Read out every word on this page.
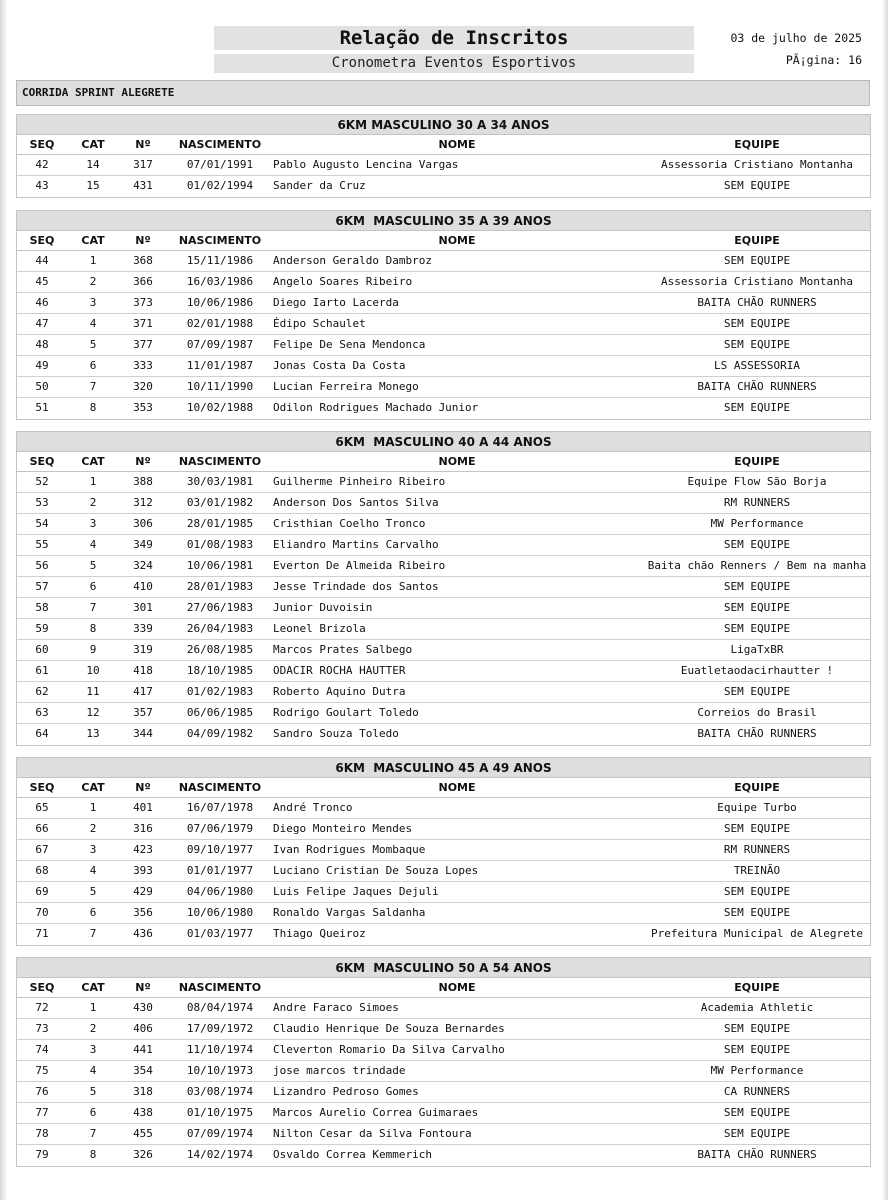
Relação de Inscritos
Cronometra Eventos Esportivos
03 de julho de 2025
PÃ¡gina: 16
CORRIDA SPRINT ALEGRETE
6KM MASCULINO 30 A 34 ANOS
SEQ	CAT	Nº	NASCIMENTO	NOME	EQUIPE
42	14	317	07/01/1991	Pablo Augusto Lencina Vargas	Assessoria Cristiano Montanha
43	15	431	01/02/1994	Sander da Cruz	SEM EQUIPE
6KM  MASCULINO 35 A 39 ANOS
SEQ	CAT	Nº	NASCIMENTO	NOME	EQUIPE
44	1	368	15/11/1986	Anderson Geraldo Dambroz	SEM EQUIPE
45	2	366	16/03/1986	Angelo Soares Ribeiro	Assessoria Cristiano Montanha
46	3	373	10/06/1986	Diego Iarto Lacerda	BAITA CHÃO RUNNERS
47	4	371	02/01/1988	Édipo Schaulet	SEM EQUIPE
48	5	377	07/09/1987	Felipe De Sena Mendonca	SEM EQUIPE
49	6	333	11/01/1987	Jonas Costa Da Costa	LS ASSESSORIA
50	7	320	10/11/1990	Lucian Ferreira Monego	BAITA CHÃO RUNNERS
51	8	353	10/02/1988	Odilon Rodrigues Machado Junior	SEM EQUIPE
6KM  MASCULINO 40 A 44 ANOS
SEQ	CAT	Nº	NASCIMENTO	NOME	EQUIPE
52	1	388	30/03/1981	Guilherme Pinheiro Ribeiro	Equipe Flow São Borja
53	2	312	03/01/1982	Anderson Dos Santos Silva	RM RUNNERS
54	3	306	28/01/1985	Cristhian Coelho Tronco	MW Performance
55	4	349	01/08/1983	Eliandro Martins Carvalho	SEM EQUIPE
56	5	324	10/06/1981	Everton De Almeida Ribeiro	Baita chão Renners / Bem na manha
57	6	410	28/01/1983	Jesse Trindade dos Santos	SEM EQUIPE
58	7	301	27/06/1983	Junior Duvoisin	SEM EQUIPE
59	8	339	26/04/1983	Leonel Brizola	SEM EQUIPE
60	9	319	26/08/1985	Marcos Prates Salbego	LigaTxBR
61	10	418	18/10/1985	ODACIR ROCHA HAUTTER	Euatletaodacirhautter !
62	11	417	01/02/1983	Roberto Aquino Dutra	SEM EQUIPE
63	12	357	06/06/1985	Rodrigo Goulart Toledo	Correios do Brasil
64	13	344	04/09/1982	Sandro Souza Toledo	BAITA CHÃO RUNNERS
6KM  MASCULINO 45 A 49 ANOS
SEQ	CAT	Nº	NASCIMENTO	NOME	EQUIPE
65	1	401	16/07/1978	André Tronco	Equipe Turbo
66	2	316	07/06/1979	Diego Monteiro Mendes	SEM EQUIPE
67	3	423	09/10/1977	Ivan Rodrigues Mombaque	RM RUNNERS
68	4	393	01/01/1977	Luciano Cristian De Souza Lopes	TREINÃO
69	5	429	04/06/1980	Luis Felipe Jaques Dejuli	SEM EQUIPE
70	6	356	10/06/1980	Ronaldo Vargas Saldanha	SEM EQUIPE
71	7	436	01/03/1977	Thiago Queiroz	Prefeitura Municipal de Alegrete
6KM  MASCULINO 50 A 54 ANOS
SEQ	CAT	Nº	NASCIMENTO	NOME	EQUIPE
72	1	430	08/04/1974	Andre Faraco Simoes	Academia Athletic
73	2	406	17/09/1972	Claudio Henrique De Souza Bernardes	SEM EQUIPE
74	3	441	11/10/1974	Cleverton Romario Da Silva Carvalho	SEM EQUIPE
75	4	354	10/10/1973	jose marcos trindade	MW Performance
76	5	318	03/08/1974	Lizandro Pedroso Gomes	CA RUNNERS
77	6	438	01/10/1975	Marcos Aurelio Correa Guimaraes	SEM EQUIPE
78	7	455	07/09/1974	Nilton Cesar da Silva Fontoura	SEM EQUIPE
79	8	326	14/02/1974	Osvaldo Correa Kemmerich	BAITA CHÃO RUNNERS
